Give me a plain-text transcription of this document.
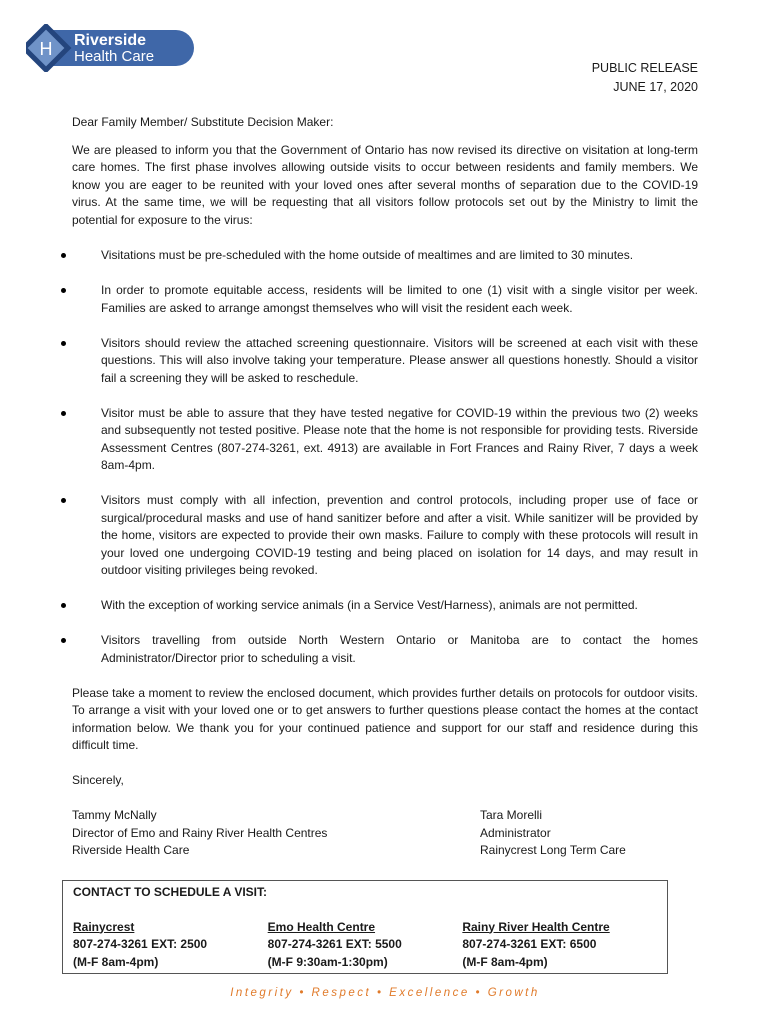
H Riverside
Health Care
PUBLIC RELEASE
JUNE 17, 2020

Dear Family Member/ Substitute Decision Maker:

We are pleased to inform you that the Government of Ontario has now revised its directive on visitation at long-term care homes. The first phase involves allowing outside visits to occur between residents and family members. We know you are eager to be reunited with your loved ones after several months of separation due to the COVID-19 virus. At the same time, we will be requesting that all visitors follow protocols set out by the Ministry to limit the potential for exposure to the virus:

Visitations must be pre-scheduled with the home outside of mealtimes and are limited to 30 minutes.
In order to promote equitable access, residents will be limited to one (1) visit with a single visitor per week. Families are asked to arrange amongst themselves who will visit the resident each week.
Visitors should review the attached screening questionnaire. Visitors will be screened at each visit with these questions. This will also involve taking your temperature. Please answer all questions honestly. Should a visitor fail a screening they will be asked to reschedule.
Visitor must be able to assure that they have tested negative for COVID-19 within the previous two (2) weeks and subsequently not tested positive. Please note that the home is not responsible for providing tests. Riverside Assessment Centres (807-274-3261, ext. 4913) are available in Fort Frances and Rainy River, 7 days a week 8am-4pm.
Visitors must comply with all infection, prevention and control protocols, including proper use of face or surgical/procedural masks and use of hand sanitizer before and after a visit. While sanitizer will be provided by the home, visitors are expected to provide their own masks. Failure to comply with these protocols will result in your loved one undergoing COVID-19 testing and being placed on isolation for 14 days, and may result in outdoor visiting privileges being revoked.
With the exception of working service animals (in a Service Vest/Harness), animals are not permitted.
Visitors travelling from outside North Western Ontario or Manitoba are to contact the homes Administrator/Director prior to scheduling a visit.

Please take a moment to review the enclosed document, which provides further details on protocols for outdoor visits. To arrange a visit with your loved one or to get answers to further questions please contact the homes at the contact information below. We thank you for your continued patience and support for our staff and residence during this difficult time.

Sincerely,

Tammy McNally
Director of Emo and Rainy River Health Centres
Riverside Health Care
Tara Morelli
Administrator
Rainycrest Long Term Care
CONTACT TO SCHEDULE A VISIT:
Rainycrest
807-274-3261 EXT: 2500
(M-F 8am-4pm)
Emo Health Centre
807-274-3261 EXT: 5500
(M-F 9:30am-1:30pm)
Rainy River Health Centre
807-274-3261 EXT: 6500
(M-F 8am-4pm)
Integrity • Respect • Excellence • Growth
